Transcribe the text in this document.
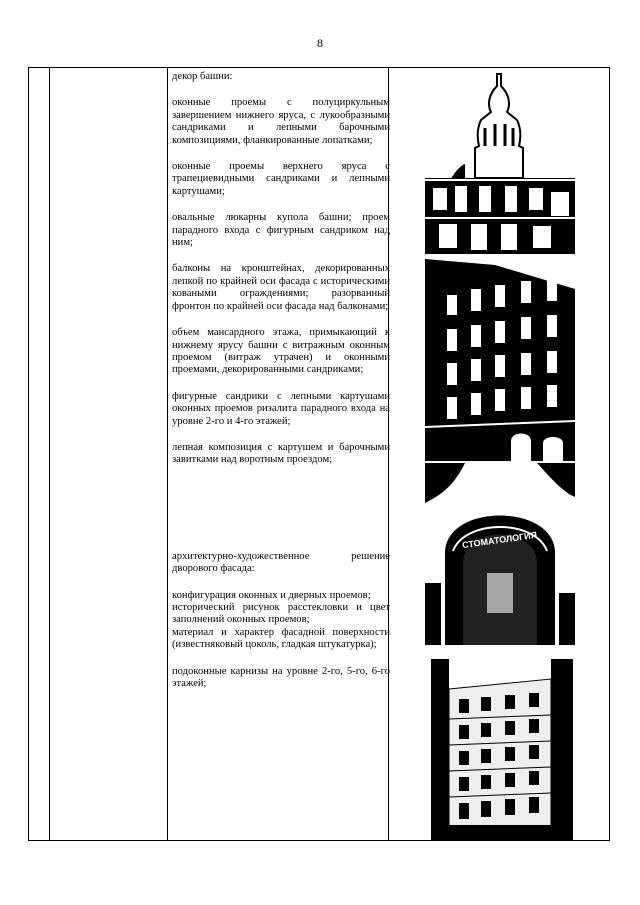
8

декор башни:

оконные проемы с полуциркульным завершением нижнего яруса, с лукообразными сандриками и лепными барочными композициями, фланкированные лопатками;

оконные проемы верхнего яруса с трапециевидными сандриками и лепными картушами;

овальные люкарны купола башни; проем парадного входа с фигурным сандриком над ним;

балконы на кронштейнах, декорированных лепкой по крайней оси фасада с историческими коваными ограждениями; разорванный фронтон по крайней оси фасада над балконами;

объем мансардного этажа, примыкающий к нижнему ярусу башни с витражным оконным проемом (витраж утрачен) и оконными проемами, декорированными сандриками;

фигурные сандрики с лепными картушами оконных проемов ризалита парадного входа на уровне 2-го и 4-го этажей;

лепная композиция с картушем и барочными завитками над воротным проездом;

архитектурно-художественное решение дворового фасада:

конфигурация оконных и дверных проемов;

исторический рисунок расстекловки и цвет заполнений оконных проемов;

материал и характер фасадной поверхности (известняковый цоколь, гладкая штукатурка);

подоконные карнизы на уровне 2-го, 5-го, 6-го этажей;

СТОМАТОЛОГИЯ
